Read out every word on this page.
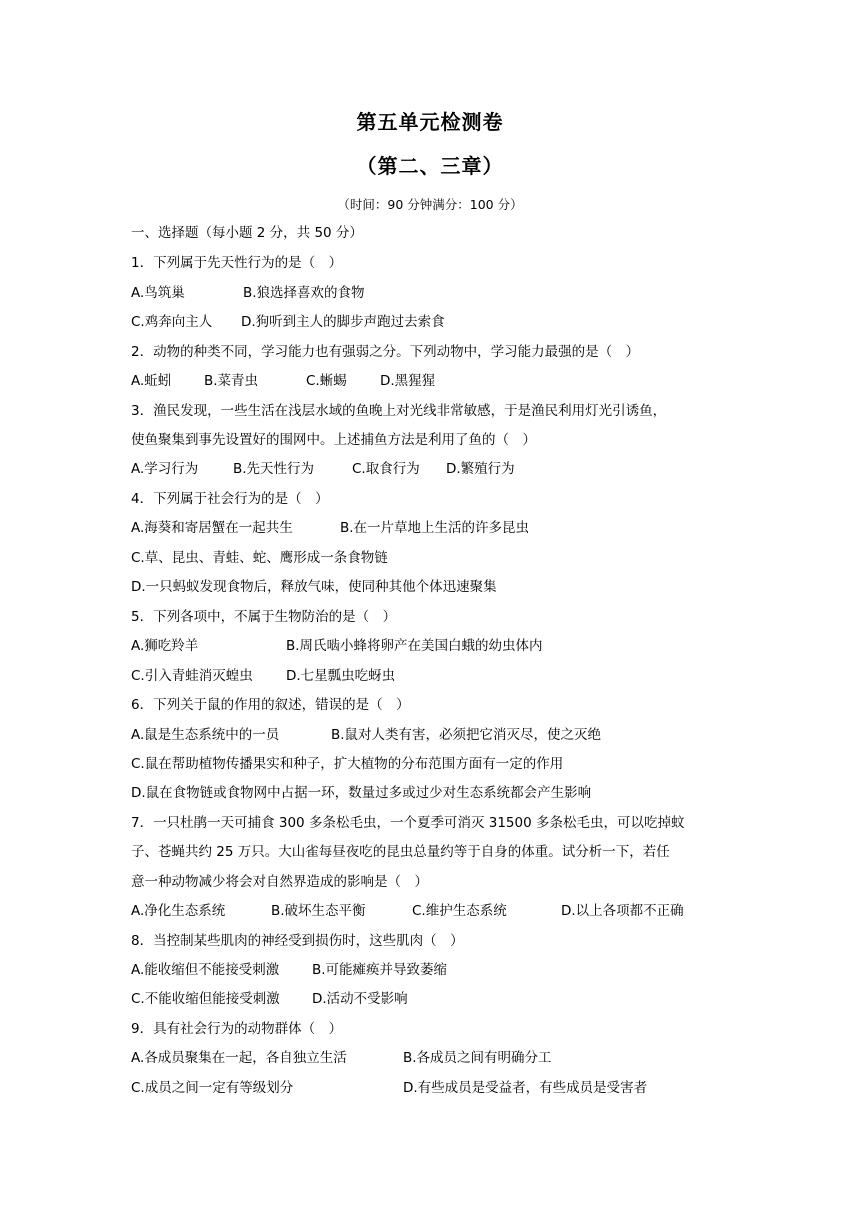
第五单元检测卷
（第二、三章）
（时间：90 分钟满分：100 分）
一、选择题（每小题 2 分，共 50 分）
1．下列属于先天性行为的是（　）
A.鸟筑巢	B.狼选择喜欢的食物
C.鸡奔向主人 D.狗听到主人的脚步声跑过去索食
2．动物的种类不同，学习能力也有强弱之分。下列动物中，学习能力最强的是（　）
A.蚯蚓 B.菜青虫	C.蜥蜴 D.黑猩猩
3．渔民发现，一些生活在浅层水域的鱼晚上对光线非常敏感，于是渔民利用灯光引诱鱼，
使鱼聚集到事先设置好的围网中。上述捕鱼方法是利用了鱼的（　）
A.学习行为	B.先天性行为	C.取食行为 D.繁殖行为
4．下列属于社会行为的是（　）
A.海葵和寄居蟹在一起共生	B.在一片草地上生活的许多昆虫
C.草、昆虫、青蛙、蛇、鹰形成一条食物链
D.一只蚂蚁发现食物后，释放气味，使同种其他个体迅速聚集
5．下列各项中，不属于生物防治的是（　）
A.狮吃羚羊	B.周氏啮小蜂将卵产在美国白蛾的幼虫体内
C.引入青蛙消灭蝗虫 D.七星瓢虫吃蚜虫
6．下列关于鼠的作用的叙述，错误的是（　）
A.鼠是生态系统中的一员	B.鼠对人类有害，必须把它消灭尽，使之灭绝
C.鼠在帮助植物传播果实和种子，扩大植物的分布范围方面有一定的作用
D.鼠在食物链或食物网中占据一环，数量过多或过少对生态系统都会产生影响
7．一只杜鹃一天可捕食 300 多条松毛虫，一个夏季可消灭 31500 多条松毛虫，可以吃掉蚊
子、苍蝇共约 25 万只。大山雀每昼夜吃的昆虫总量约等于自身的体重。试分析一下，若任
意一种动物减少将会对自然界造成的影响是（　）
A.净化生态系统	B.破坏生态平衡	C.维护生态系统	D.以上各项都不正确
8．当控制某些肌肉的神经受到损伤时，这些肌肉（　）
A.能收缩但不能接受刺激 B.可能瘫痪并导致萎缩
C.不能收缩但能接受刺激 D.活动不受影响
9．具有社会行为的动物群体（　）
A.各成员聚集在一起，各自独立生活	B.各成员之间有明确分工
C.成员之间一定有等级划分	D.有些成员是受益者，有些成员是受害者
